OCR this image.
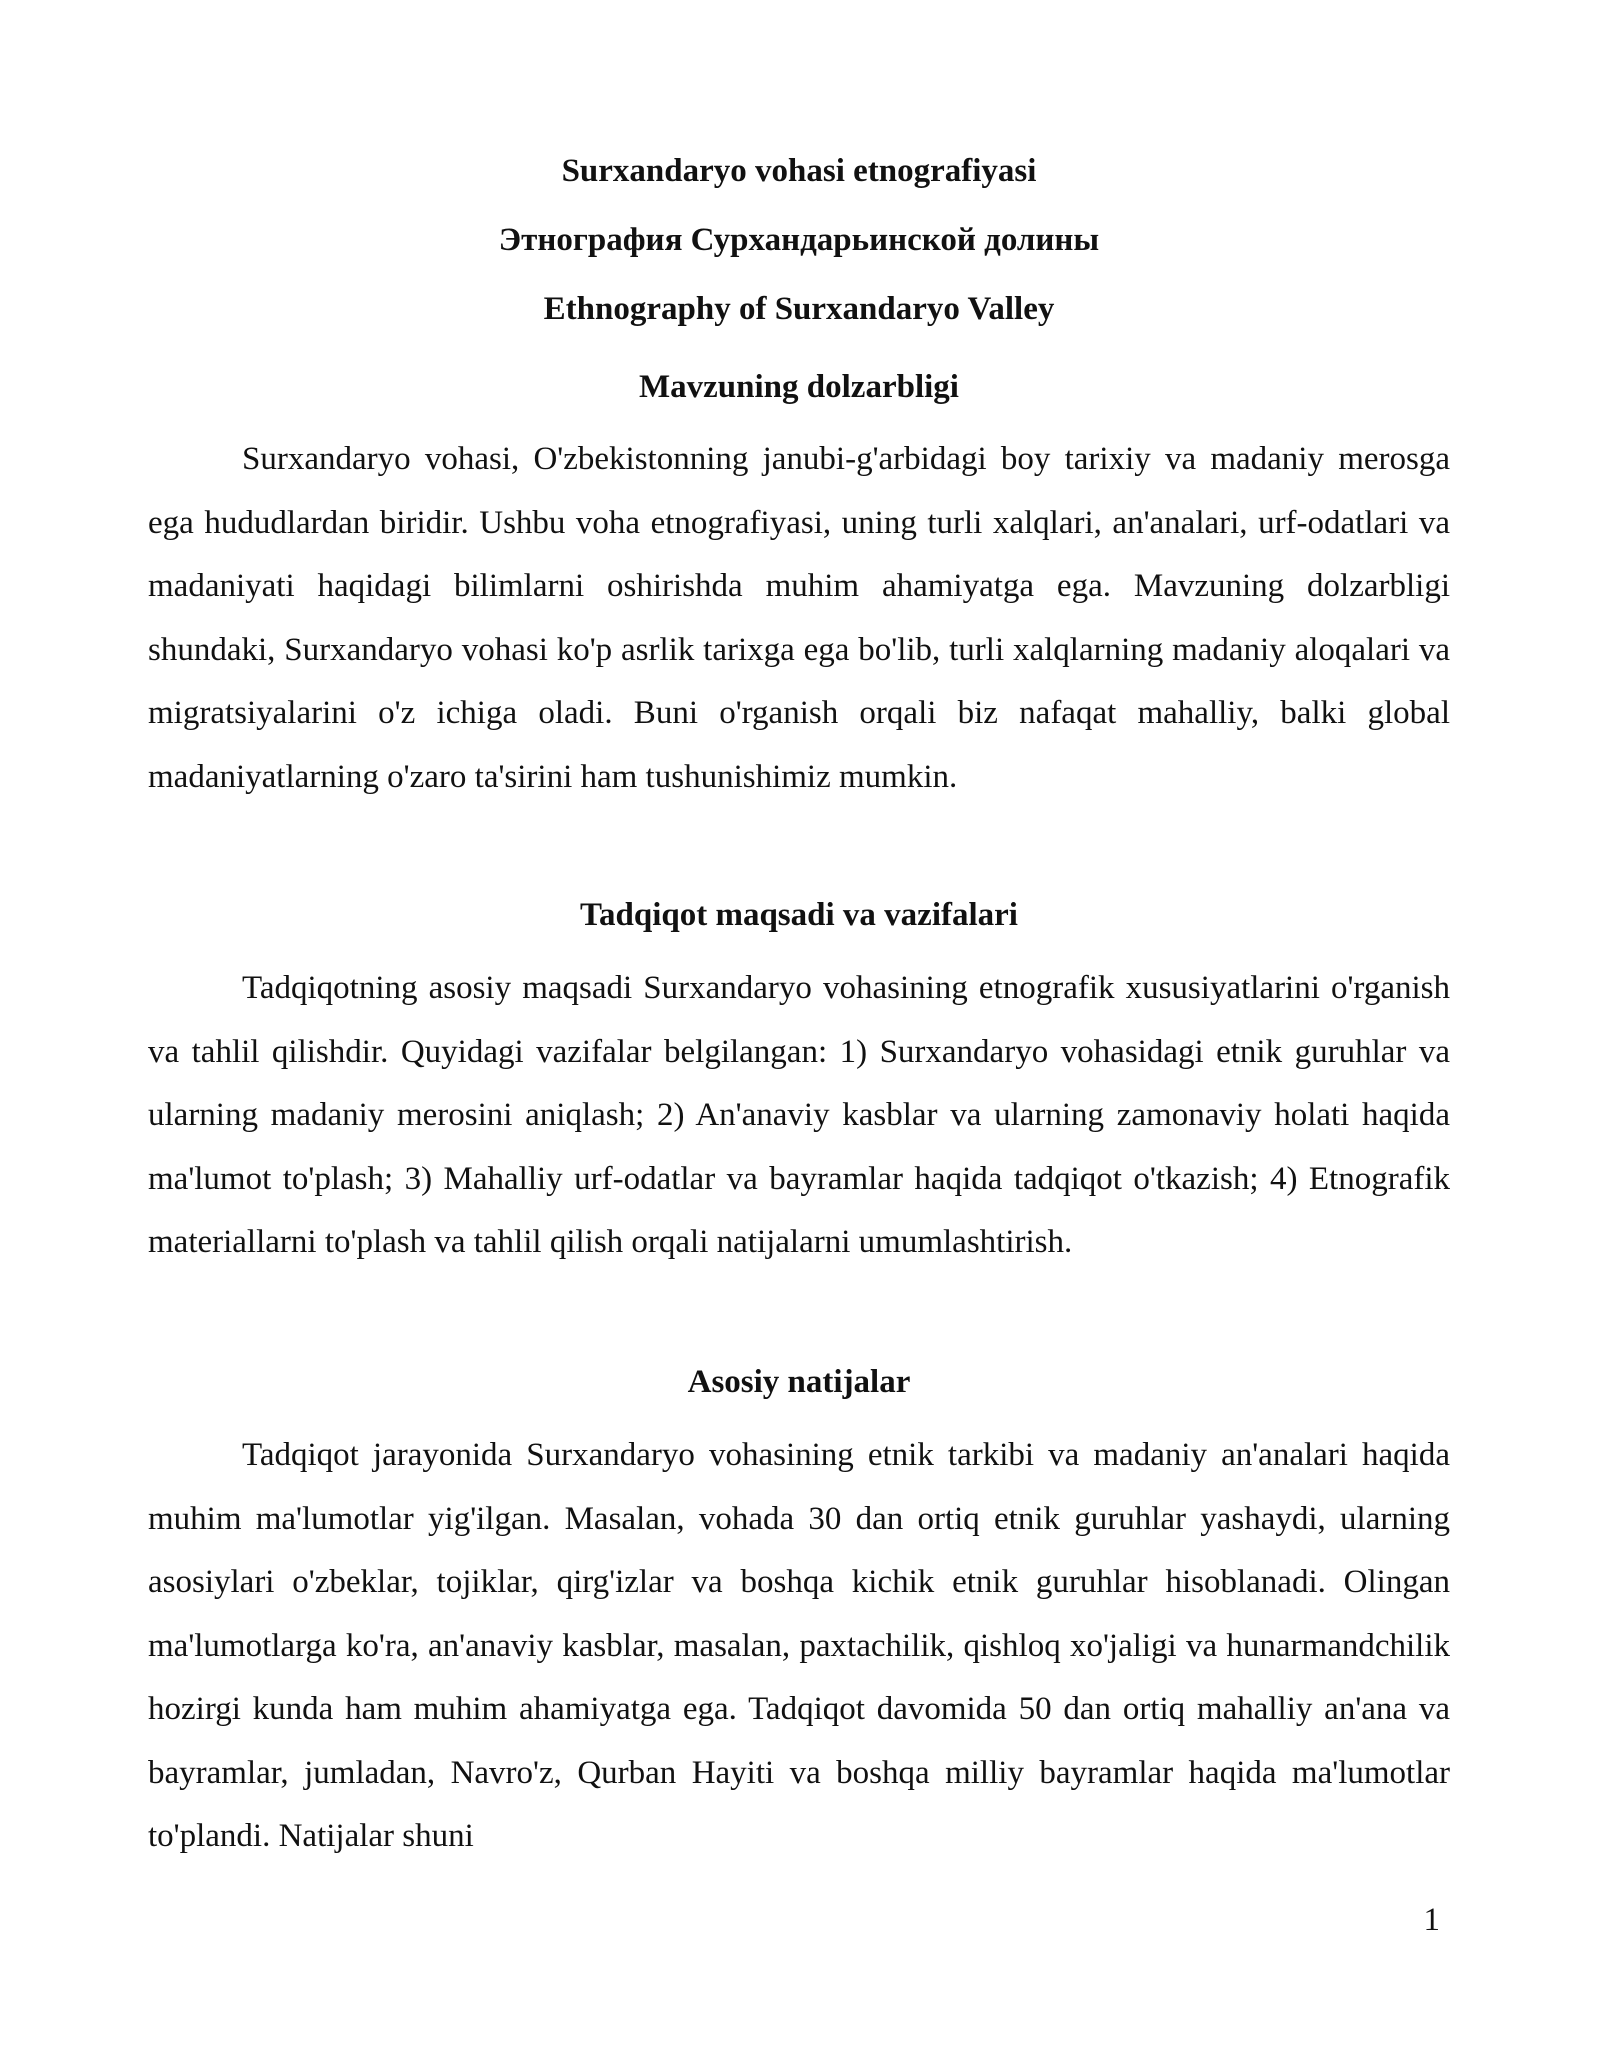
Surxandaryo vohasi etnografiyasi
Этнография Сурхандарьинской долины
Ethnography of Surxandaryo Valley
Mavzuning dolzarbligi

Surxandaryo vohasi, O'zbekistonning janubi-g'arbidagi boy tarixiy va madaniy merosga ega hududlardan biridir. Ushbu voha etnografiyasi, uning turli xalqlari, an'analari, urf-odatlari va madaniyati haqidagi bilimlarni oshirishda muhim ahamiyatga ega. Mavzuning dolzarbligi shundaki, Surxandaryo vohasi ko'p asrlik tarixga ega bo'lib, turli xalqlarning madaniy aloqalari va migratsiyalarini o'z ichiga oladi. Buni o'rganish orqali biz nafaqat mahalliy, balki global madaniyatlarning o'zaro ta'sirini ham tushunishimiz mumkin.

Tadqiqot maqsadi va vazifalari

Tadqiqotning asosiy maqsadi Surxandaryo vohasining etnografik xususiyatlarini o'rganish va tahlil qilishdir. Quyidagi vazifalar belgilangan: 1) Surxandaryo vohasidagi etnik guruhlar va ularning madaniy merosini aniqlash; 2) An'anaviy kasblar va ularning zamonaviy holati haqida ma'lumot to'plash; 3) Mahalliy urf-odatlar va bayramlar haqida tadqiqot o'tkazish; 4) Etnografik materiallarni to'plash va tahlil qilish orqali natijalarni umumlashtirish.

Asosiy natijalar

Tadqiqot jarayonida Surxandaryo vohasining etnik tarkibi va madaniy an'analari haqida muhim ma'lumotlar yig'ilgan. Masalan, vohada 30 dan ortiq etnik guruhlar yashaydi, ularning asosiylari o'zbeklar, tojiklar, qirg'izlar va boshqa kichik etnik guruhlar hisoblanadi. Olingan ma'lumotlarga ko'ra, an'anaviy kasblar, masalan, paxtachilik, qishloq xo'jaligi va hunarmandchilik hozirgi kunda ham muhim ahamiyatga ega. Tadqiqot davomida 50 dan ortiq mahalliy an'ana va bayramlar, jumladan, Navro'z, Qurban Hayiti va boshqa milliy bayramlar haqida ma'lumotlar to'plandi. Natijalar shuni

1
